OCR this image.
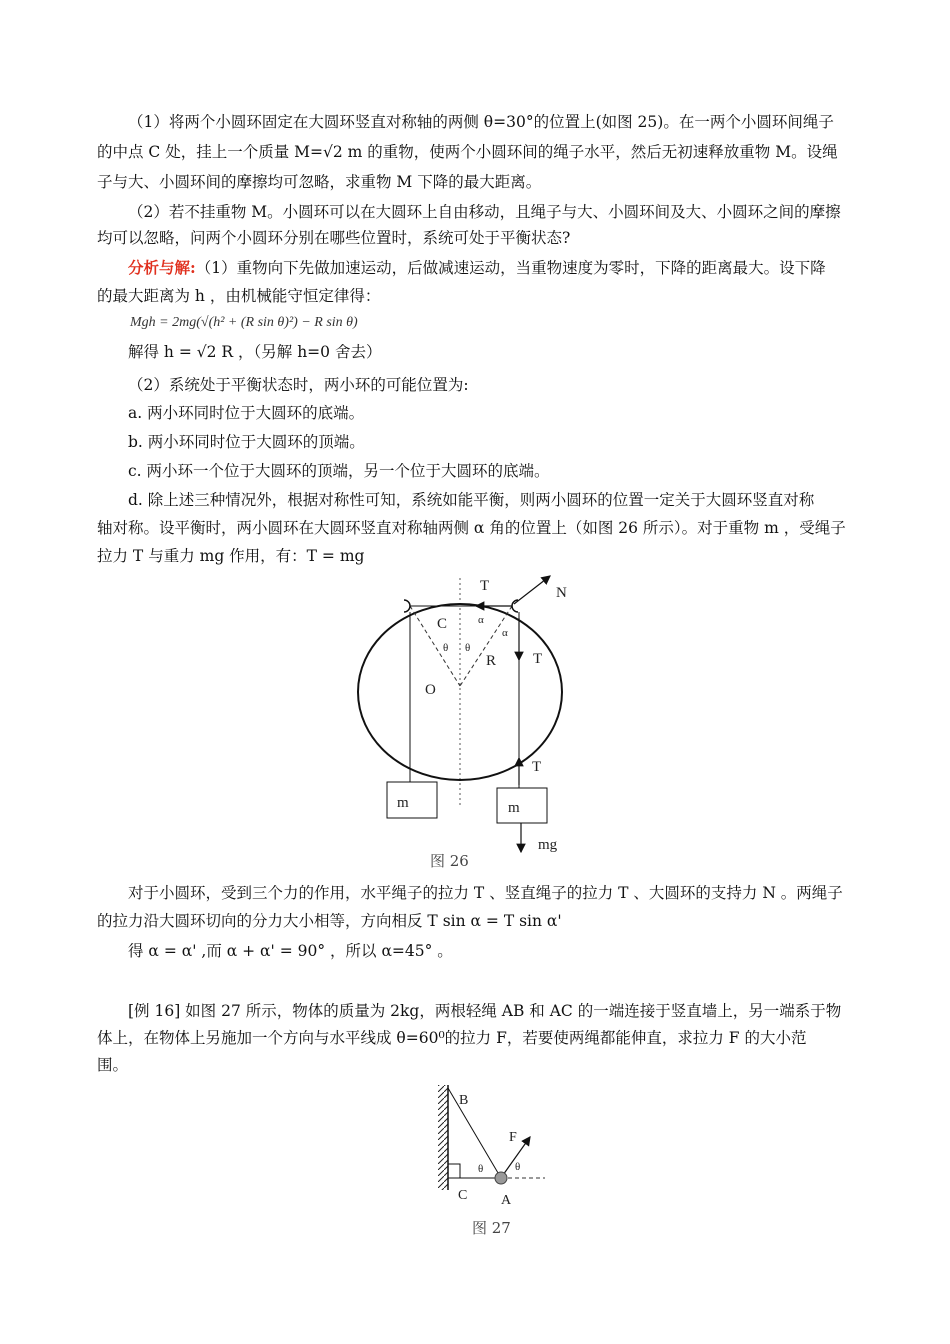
（1）将两个小圆环固定在大圆环竖直对称轴的两侧 θ=30°的位置上(如图 25)。在一两个小圆环间绳子
的中点 C 处，挂上一个质量 M=√2 m 的重物，使两个小圆环间的绳子水平，然后无初速释放重物 M。设绳
子与大、小圆环间的摩擦均可忽略，求重物 M 下降的最大距离。
（2）若不挂重物 M。小圆环可以在大圆环上自由移动，且绳子与大、小圆环间及大、小圆环之间的摩擦
均可以忽略，问两个小圆环分别在哪些位置时，系统可处于平衡状态?
分析与解:（1）重物向下先做加速运动，后做减速运动，当重物速度为零时，下降的距离最大。设下降
的最大距离为 h ，由机械能守恒定律得：
Mgh = 2mg(√(h² + (R sin θ)²) − R sin θ)
解得 h = √2 R ，（另解 h=0 舍去）
（2）系统处于平衡状态时，两小环的可能位置为:
a. 两小环同时位于大圆环的底端。
b. 两小环同时位于大圆环的顶端。
c. 两小环一个位于大圆环的顶端，另一个位于大圆环的底端。
d. 除上述三种情况外，根据对称性可知，系统如能平衡，则两小圆环的位置一定关于大圆环竖直对称
轴对称。设平衡时，两小圆环在大圆环竖直对称轴两侧 α 角的位置上（如图 26 所示）。对于重物 m ，受绳子
拉力 T 与重力 mg 作用，有：T = mg
T	N
C	α
α
θ θ
R T
O
T
m	m
mg
图 26
对于小圆环，受到三个力的作用，水平绳子的拉力 T 、竖直绳子的拉力 T 、大圆环的支持力 N 。两绳子
的拉力沿大圆环切向的分力大小相等，方向相反 T sin α = T sin α'
得 α = α' ,而 α + α' = 90° ，所以 α=45° 。
[例 16] 如图 27 所示，物体的质量为 2kg，两根轻绳 AB 和 AC 的一端连接于竖直墙上，另一端系于物
体上，在物体上另施加一个方向与水平线成 θ=60⁰的拉力 F，若要使两绳都能伸直，求拉力 F 的大小范
围。
B
F
θ	θ
C A
图 27
